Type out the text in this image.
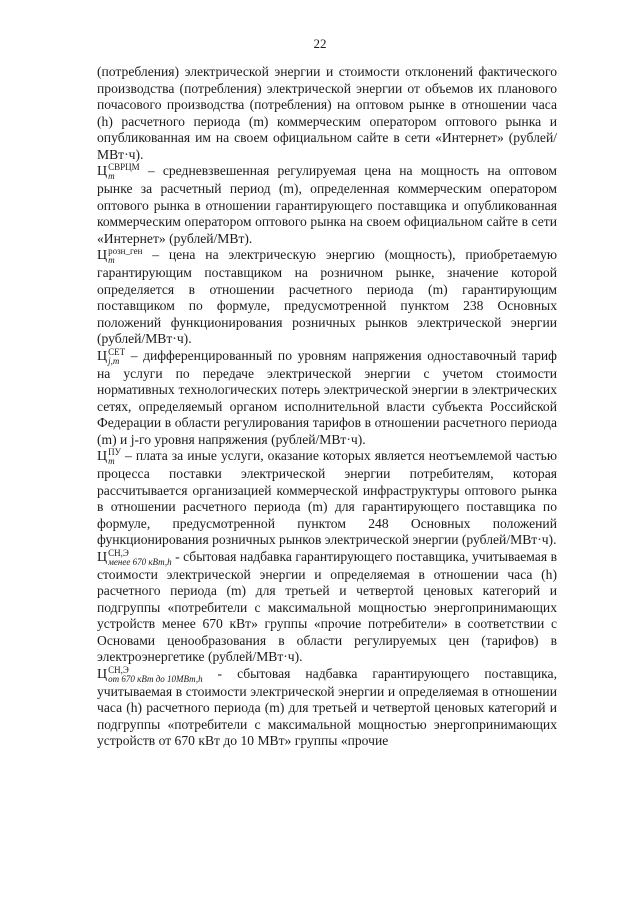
22

(потребления) электрической энергии и стоимости отклонений фактического производства (потребления) электрической энергии от объемов их планового почасового производства (потребления) на оптовом рынке в отношении часа (h) расчетного периода (m) коммерческим оператором оптового рынка и опубликованная им на своем официальном сайте в сети «Интернет» (рублей/МВт·ч).

Ц СВРЦМ
m	– средневзвешенная регулируемая цена на мощность на оптовом рынке за расчетный период (m), определенная коммерческим оператором оптового рынка в отношении гарантирующего поставщика и опубликованная коммерческим оператором оптового рынка на своем официальном сайте в сети «Интернет» (рублей/МВт).

Ц розн_ген
m	– цена на электрическую энергию (мощность), приобретаемую гарантирующим поставщиком на розничном рынке, значение которой определяется в отношении расчетного периода (m) гарантирующим поставщиком по формуле, предусмотренной пунктом 238 Основных положений функционирования розничных рынков электрической энергии (рублей/МВт·ч).

Ц СЕТ
j,m – дифференцированный по уровням напряжения одноставочный тариф на услуги по передаче электрической энергии с учетом стоимости нормативных технологических потерь электрической энергии в электрических сетях, определяемый органом исполнительной власти субъекта Российской Федерации в области регулирования тарифов в отношении расчетного периода (m) и j-го уровня напряжения (рублей/МВт·ч).

Ц ПУ
m – плата за иные услуги, оказание которых является неотъемлемой частью процесса поставки электрической энергии потребителям, которая рассчитывается организацией коммерческой инфраструктуры оптового рынка в отношении расчетного периода (m) для гарантирующего поставщика по формуле, предусмотренной пунктом 248 Основных положений функционирования розничных рынков электрической энергии (рублей/МВт·ч).

Ц СН,Э
менее 670 кВт,h - сбытовая надбавка гарантирующего поставщика, учитываемая в стоимости электрической энергии и определяемая в отношении часа (h) расчетного периода (m) для третьей и четвертой ценовых категорий и подгруппы «потребители с максимальной мощностью энергопринимающих устройств менее 670 кВт» группы «прочие потребители» в соответствии с Основами ценообразования в области регулируемых цен (тарифов) в электроэнергетике (рублей/МВт·ч).

Ц СН,Э
от 670 кВт до 10МВт,h - сбытовая надбавка гарантирующего поставщика, учитываемая в стоимости электрической энергии и определяемая в отношении часа (h) расчетного периода (m) для третьей и четвертой ценовых категорий и подгруппы «потребители с максимальной мощностью энергопринимающих устройств от 670 кВт до 10 МВт» группы «прочие
